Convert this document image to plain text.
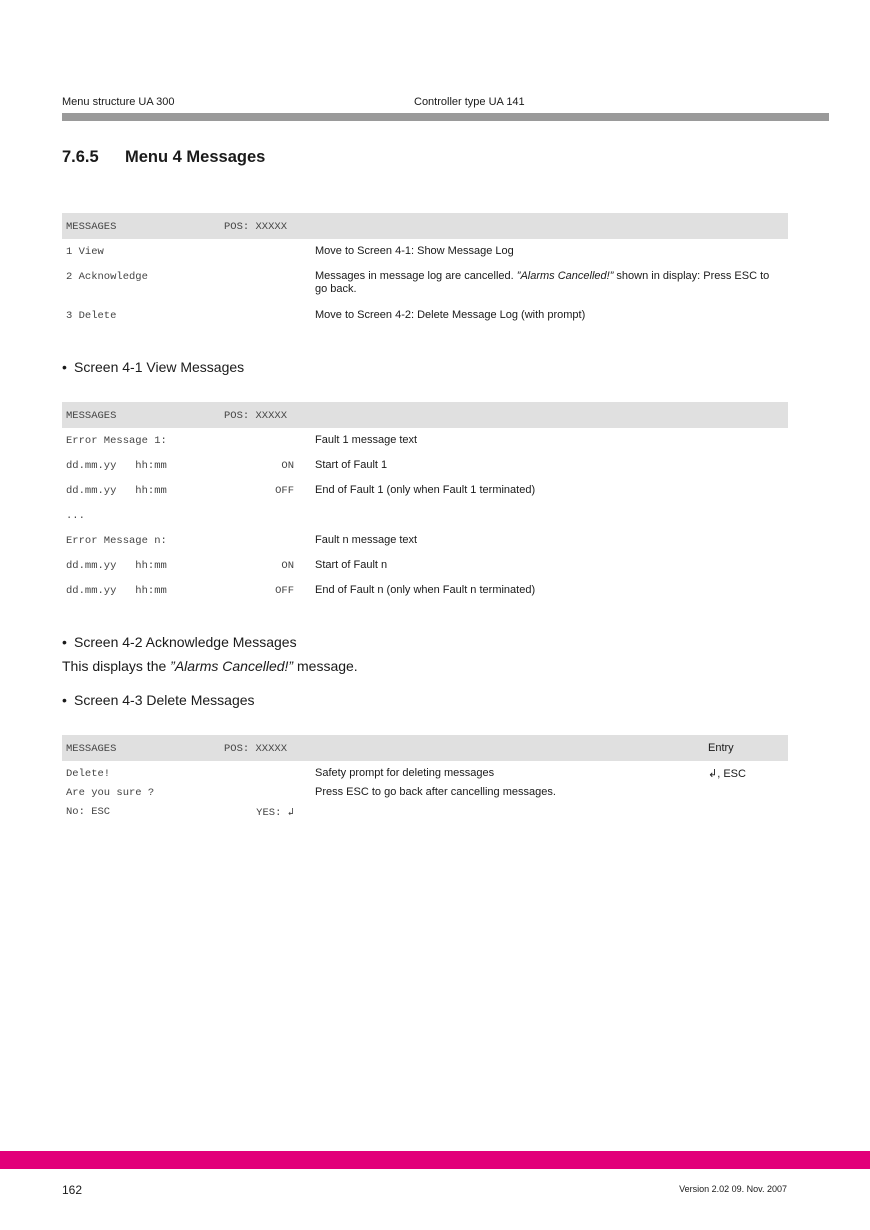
Menu structure UA 300	Controller type UA 141
7.6.5 Menu 4 Messages
MESSAGES	POS: XXXXX
1 View	Move to Screen 4-1: Show Message Log
2 Acknowledge	Messages in message log are cancelled. ”Alarms Cancelled!” shown in display: Press ESC to go back.
3 Delete	Move to Screen 4-2: Delete Message Log (with prompt)
• Screen 4-1 View Messages
MESSAGES	POS: XXXXX
Error Message 1:	Fault 1 message text
dd.mm.yy   hh:mm	ON Start of Fault 1
dd.mm.yy   hh:mm	OFF End of Fault 1 (only when Fault 1 terminated)
...
Error Message n:	Fault n message text
dd.mm.yy   hh:mm	ON Start of Fault n
dd.mm.yy   hh:mm	OFF End of Fault n (only when Fault n terminated)
• Screen 4-2 Acknowledge Messages
This displays the ”Alarms Cancelled!” message.
• Screen 4-3 Delete Messages
MESSAGES	POS: XXXXX	Entry
Delete!	Safety prompt for deleting messages	↲, ESC
Are you sure ?	Press ESC to go back after cancelling messages.
No: ESC	YES: ↲
162	Version 2.02 09. Nov. 2007
